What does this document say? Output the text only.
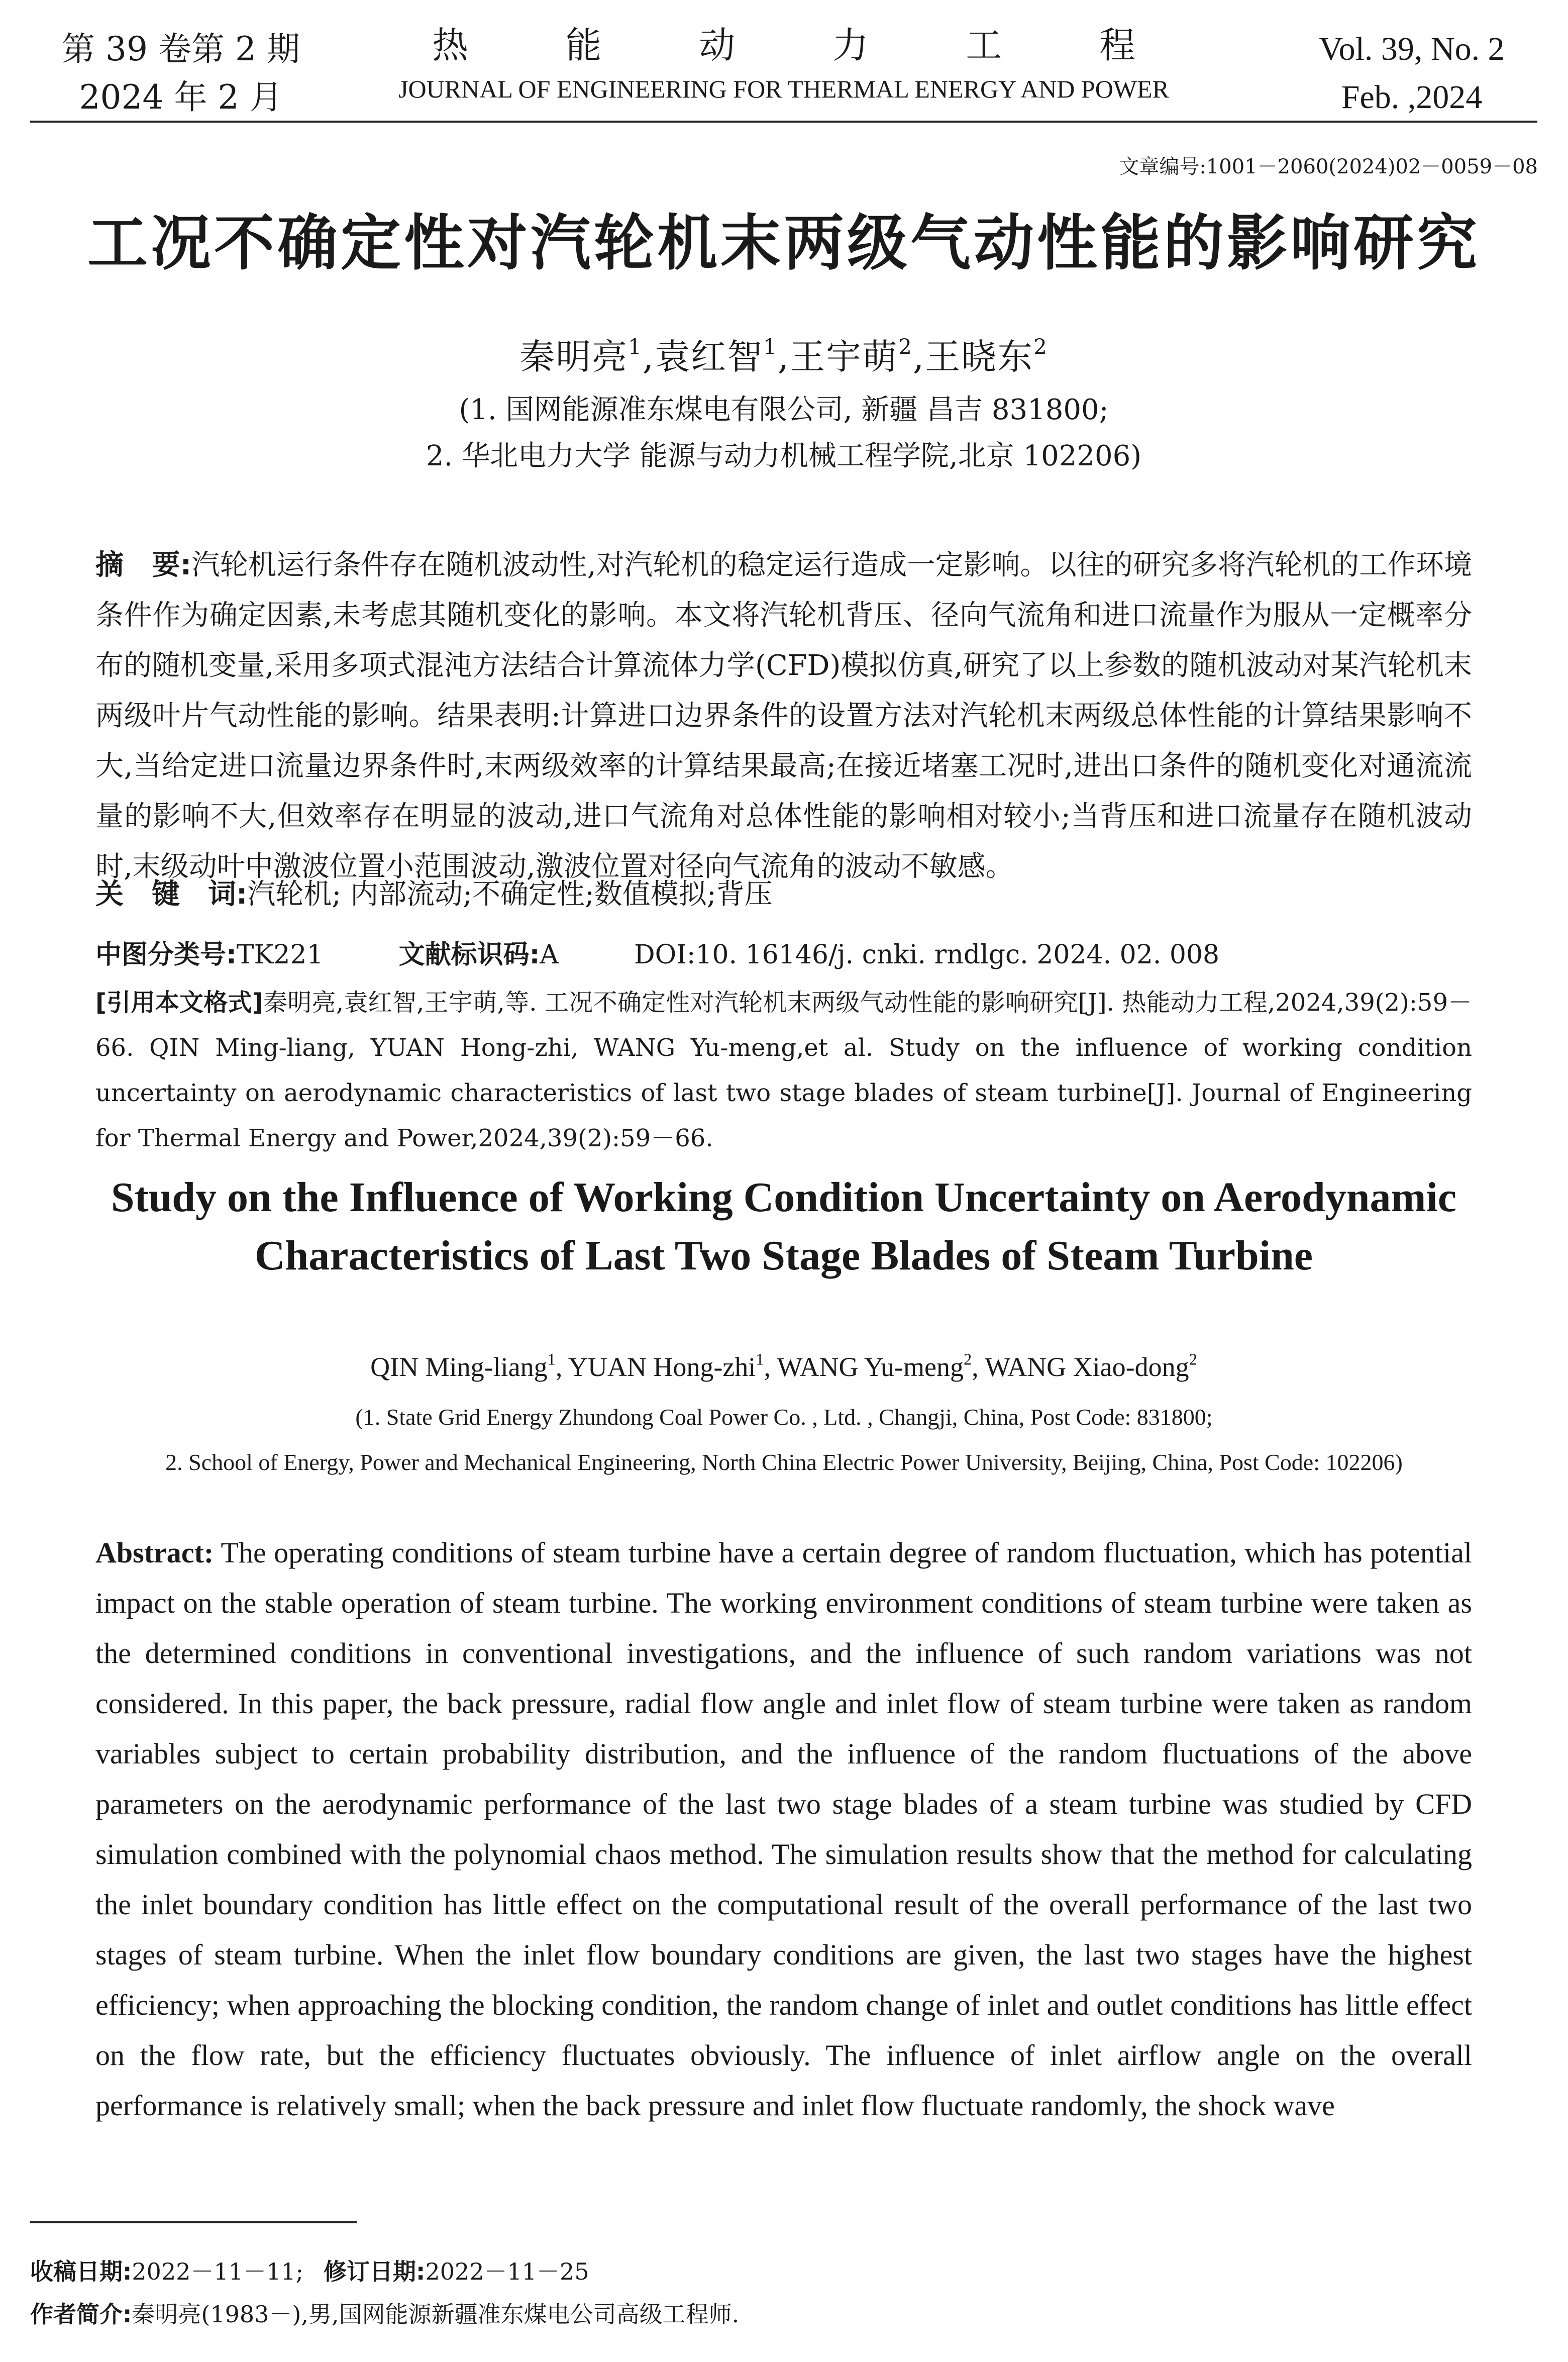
第 39 卷第 2 期
2024 年 2 月
热	能	动	力	工	程
JOURNAL OF ENGINEERING FOR THERMAL ENERGY AND POWER
Vol. 39, No. 2
Feb. ,2024
文章编号:1001－2060(2024)02－0059－08
工况不确定性对汽轮机末两级气动性能的影响研究
秦明亮$^1$,袁红智$^1$,王宇萌$^2$,王晓东$^2$
(1. 国网能源准东煤电有限公司, 新疆 昌吉 831800;
2. 华北电力大学 能源与动力机械工程学院,北京 102206)
摘　要:汽轮机运行条件存在随机波动性,对汽轮机的稳定运行造成一定影响。以往的研究多将汽轮机的工作环境条件作为确定因素,未考虑其随机变化的影响。本文将汽轮机背压、径向气流角和进口流量作为服从一定概率分布的随机变量,采用多项式混沌方法结合计算流体力学(CFD)模拟仿真,研究了以上参数的随机波动对某汽轮机末两级叶片气动性能的影响。结果表明:计算进口边界条件的设置方法对汽轮机末两级总体性能的计算结果影响不大,当给定进口流量边界条件时,末两级效率的计算结果最高;在接近堵塞工况时,进出口条件的随机变化对通流流量的影响不大,但效率存在明显的波动,进口气流角对总体性能的影响相对较小;当背压和进口流量存在随机波动时,末级动叶中激波位置小范围波动,激波位置对径向气流角的波动不敏感。
关　键　词:汽轮机; 内部流动;不确定性;数值模拟;背压
中图分类号:TK221	文献标识码:A	DOI:10. 16146/j. cnki. rndlgc. 2024. 02. 008
[引用本文格式]秦明亮,袁红智,王宇萌,等. 工况不确定性对汽轮机末两级气动性能的影响研究[J]. 热能动力工程,2024,39(2):59－66. QIN Ming-liang, YUAN Hong-zhi, WANG Yu-meng,et al. Study on the influence of working condition uncertainty on aerodynamic characteristics of last two stage blades of steam turbine[J]. Journal of Engineering for Thermal Energy and Power,2024,39(2):59－66.
Study on the Influence of Working Condition Uncertainty on Aerodynamic
Characteristics of Last Two Stage Blades of Steam Turbine
QIN Ming-liang$^1$, YUAN Hong-zhi$^1$, WANG Yu-meng$^2$, WANG Xiao-dong$^2$
(1. State Grid Energy Zhundong Coal Power Co. , Ltd. , Changji, China, Post Code: 831800;
2. School of Energy, Power and Mechanical Engineering, North China Electric Power University, Beijing, China, Post Code: 102206)
Abstract: The operating conditions of steam turbine have a certain degree of random fluctuation, which has potential impact on the stable operation of steam turbine. The working environment conditions of steam turbine were taken as the determined conditions in conventional investigations, and the influence of such random variations was not considered. In this paper, the back pressure, radial flow angle and inlet flow of steam turbine were taken as random variables subject to certain probability distribution, and the influence of the random fluctuations of the above parameters on the aerodynamic performance of the last two stage blades of a steam turbine was studied by CFD simulation combined with the polynomial chaos method. The simulation results show that the method for calculating the inlet boundary condition has little effect on the computational result of the overall performance of the last two stages of steam turbine. When the inlet flow boundary conditions are given, the last two stages have the highest efficiency; when approaching the blocking condition, the random change of inlet and outlet conditions has little effect on the flow rate, but the efficiency fluctuates obviously. The influence of inlet airflow angle on the overall performance is relatively small; when the back pressure and inlet flow fluctuate randomly, the shock wave
收稿日期:2022－11－11; 修订日期:2022－11－25
作者简介:秦明亮(1983－),男,国网能源新疆准东煤电公司高级工程师.
